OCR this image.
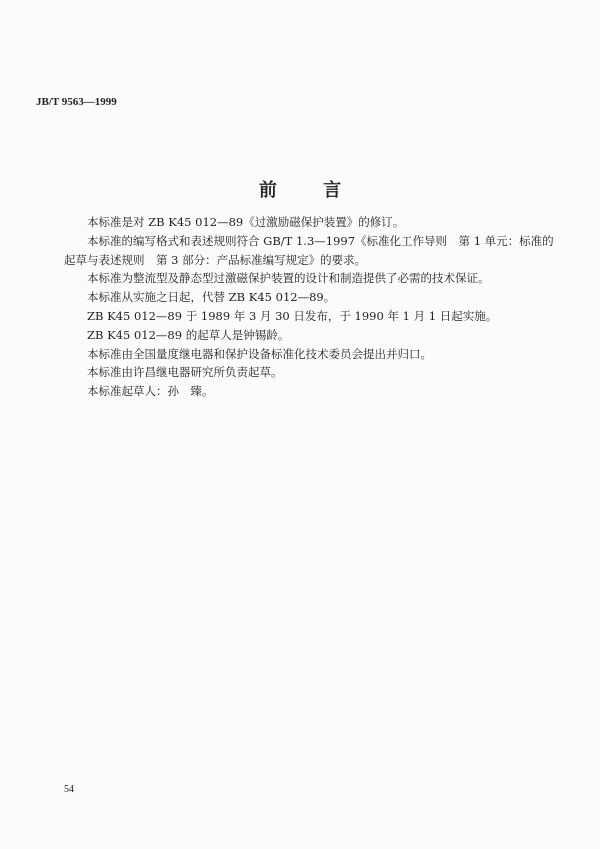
JB/T 9563—1999
前 言

本标准是对 ZB K45 012—89《过激励磁保护装置》的修订。

本标准的编写格式和表述规则符合 GB/T 1.3—1997《标准化工作导则　第 1 单元：标准的起草与表述规则　第 3 部分：产品标准编写规定》的要求。

本标准为整流型及静态型过激磁保护装置的设计和制造提供了必需的技术保证。

本标准从实施之日起，代替 ZB K45 012—89。

ZB K45 012—89 于 1989 年 3 月 30 日发布，于 1990 年 1 月 1 日起实施。

ZB K45 012—89 的起草人是钟锡龄。

本标准由全国量度继电器和保护设备标准化技术委员会提出并归口。

本标准由许昌继电器研究所负责起草。

本标准起草人：孙　臻。

54
